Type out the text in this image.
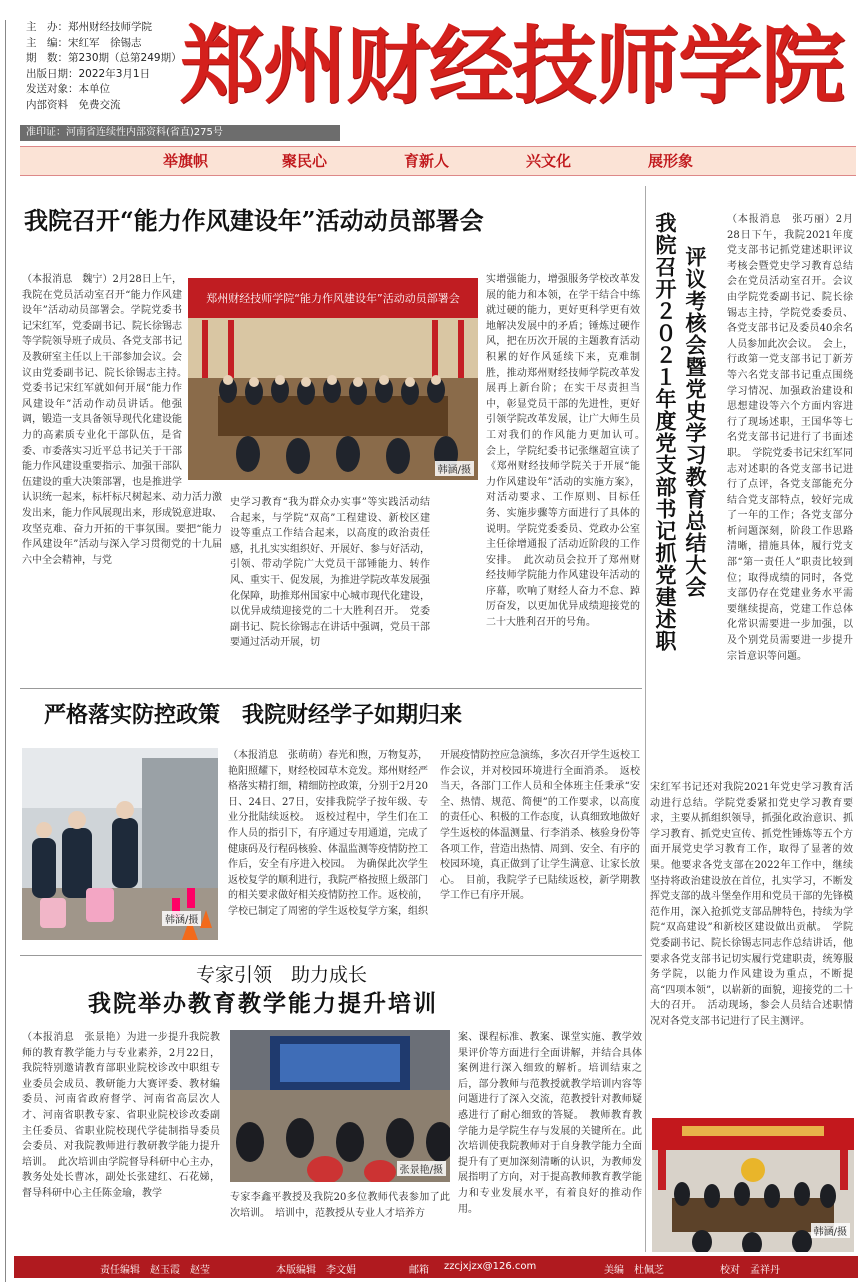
主　办：郑州财经技师学院
主　编：宋红军　徐锡志
期　数：第230期（总第249期）
出版日期：2022年3月1日
发送对象：本单位
内部资料　免费交流
准印证：河南省连续性内部资料(省直)275号
郑州财经技师学院
举旗帜	聚民心	育新人	兴文化	展形象
我院召开“能力作风建设年”活动动员部署会
（本报消息　魏宁）2月28日上午，我院在党员活动室召开“能力作风建设年”活动动员部署会。学院党委书记宋红军，党委副书记、院长徐锡志等学院领导班子成员、各党支部书记及教研室主任以上干部参加会议。会议由党委副书记、院长徐锡志主持。　党委书记宋红军就如何开展“能力作风建设年”活动作动员讲话。他强调，锻造一支具备领导现代化建设能力的高素质专业化干部队伍，是省委、市委落实习近平总书记关于干部能力作风建设重要指示、加强干部队伍建设的重大决策部署，也是推进学
郑州财经技师学院“能力作风建设年”活动动员部署会
韩涵/摄
　　认识统一起来，标杆标尺树起来、动力活力激发出来，能力作风展现出来，形成锐意进取、攻坚克难、奋力开拓的干事氛围。要把“能力作风建设年”活动与深入学习贯彻党的十九届六中全会精神，与党
史学习教育“我为群众办实事”等实践活动结合起来，与学院“双高”工程建设、新校区建设等重点工作结合起来，以高度的政治责任感，扎扎实实组织好、开展好、参与好活动，引领、带动学院广大党员干部锤能力、转作风、重实干、促发展，为推进学院改革发展强化保障，助推郑州国家中心城市现代化建设，以优异成绩迎接党的二十大胜利召开。　党委副书记、院长徐锡志在讲话中强调，党员干部要通过活动开展，切
实增强能力，增强服务学校改革发展的能力和本领，在学干结合中练就过硬的能力，更好更科学更有效地解决发展中的矛盾；锤炼过硬作风，把在历次开展的主题教育活动积累的好作风延续下来，克难制胜，推动郑州财经技师学院改革发展再上新台阶；在实干尽责担当中，彰显党员干部的先进性，更好引领学院改革发展，让广大师生员工对我们的作风能力更加认可。　会上，学院纪委书记张继超宣读了《郑州财经技师学院关于开展“能力作风建设年”活动的实施方案》，对活动要求、工作原则、目标任务、实施步骤等方面进行了具体的说明。学院党委委员、党政办公室主任徐增通报了活动近阶段的工作安排。　此次动员会拉开了郑州财经技师学院能力作风建设年活动的序幕，吹响了财经人奋力不怠、踔厉奋发，以更加优异成绩迎接党的二十大胜利召开的号角。
严格落实防控政策　我院财经学子如期归来
韩涵/摄
（本报消息　张萌萌）春光和煦，万物复苏，艳阳照耀下，财经校园草木竞发。郑州财经严格落实精打细，精细防控政策，分别于2月20日、24日、27日，安排我院学子按年级、专业分批陆续返校。　返校过程中，学生们在工作人员的指引下，有序通过专用通道，完成了健康码及行程码核验、体温监测等疫情防控工作后，安全有序进入校园。　为确保此次学生返校复学的顺利进行，我院严格按照上级部门的相关要求做好相关疫情防控工作。返校前，学校已制定了周密的学生返校复学方案，组织
开展疫情防控应急演练，多次召开学生返校工作会议，并对校园环境进行全面消杀。　返校当天，各部门工作人员和全体班主任秉承“安全、热情、规范、简便”的工作要求，以高度的责任心、积极的工作态度，认真细致地做好学生返校的体温测量、行李消杀、核验身份等各项工作，营造出热情、周到、安全、有序的校园环境，真正做到了让学生满意、让家长放心。　目前，我院学子已陆续返校，新学期教学工作已有序开展。
专家引领　助力成长
我院举办教育教学能力提升培训
（本报消息　张景艳）为进一步提升我院教师的教育教学能力与专业素养，2月22日，我院特别邀请教育部职业院校诊改中职组专业委员会成员、教研能力大赛评委、教材编委员、河南省政府督学、河南省高层次人才、河南省职教专家、省职业院校诊改委副主任委员、省职业院校现代学徒制指导委员会委员、对我院教师进行教研教学能力提升培训。　此次培训由学院督导科研中心主办，教务处处长曹冰，副处长张建红、石花娣，督导科研中心主任陈金瑜，教学
张景艳/摄
专家李鑫平教授及我院20多位教师代表参加了此次培训。　培训中，范教授从专业人才培养方
案、课程标准、教案、课堂实施、教学效果评价等方面进行全面讲解，并结合具体案例进行深入细致的解析。培训结束之后，部分教师与范教授就教学培训内容等问题进行了深入交流，范教授针对教师疑惑进行了耐心细致的答疑。　教师教育教学能力是学院生存与发展的关键所在。此次培训使我院教师对于自身教学能力全面提升有了更加深刻清晰的认识，为教师发展指明了方向，对于提高教师教育教学能力和专业发展水平，有着良好的推动作用。
我院召开２０２１年度党支部书记抓党建述职 评议考核会暨党史学习教育总结大会
（本报消息　张巧丽）2月28日下午，我院2021年度党支部书记抓党建述职评议考核会暨党史学习教育总结会在党员活动室召开。会议由学院党委副书记、院长徐锡志主持，学院党委委员、各党支部书记及委员40余名人员参加此次会议。　会上，行政第一党支部书记丁新芳等六名党支部书记重点围绕学习情况、加强政治建设和思想建设等六个方面内容进行了现场述职，王国华等七名党支部书记进行了书面述职。　学院党委书记宋红军同志对述职的各党支部书记进行了点评，各党支部能充分结合党支部特点，较好完成了一年的工作；各党支部分析问题深刻，阶段工作思路清晰，措施具体，履行党支部“第一责任人”职责比较到位；取得成绩的同时，各党支部仍存在党建业务水平需要继续提高，党建工作总体化常识需要进一步加强，以及个别党员需要进一步提升宗旨意识等问题。
宋红军书记还对我院2021年党史学习教育活动进行总结。学院党委紧扣党史学习教育要求，主要从抓组织领导，抓强化政治意识、抓学习教育、抓党史宣传、抓党性锤炼等五个方面开展党史学习教育工作，取得了显著的效果。他要求各党支部在2022年工作中，继续坚持将政治建设放在首位，扎实学习，不断发挥党支部的战斗堡垒作用和党员干部的先锋模范作用，深入抢抓党支部品牌特色，持续为学院“双高建设”和新校区建设做出贡献。　学院党委副书记、院长徐锡志同志作总结讲话，他要求各党支部书记切实履行党建职责，统筹服务学院，以能力作风建设为重点，不断提高“四项本领”，以崭新的面貌，迎接党的二十大的召开。　活动现场，参会人员结合述职情况对各党支部书记进行了民主测评。
韩涵/摄
责任编辑　赵玉霞　赵莹	本版编辑　李文娟	邮箱 zzcjxjzx@126.com	美编　杜佩芝	校对　孟祥丹
